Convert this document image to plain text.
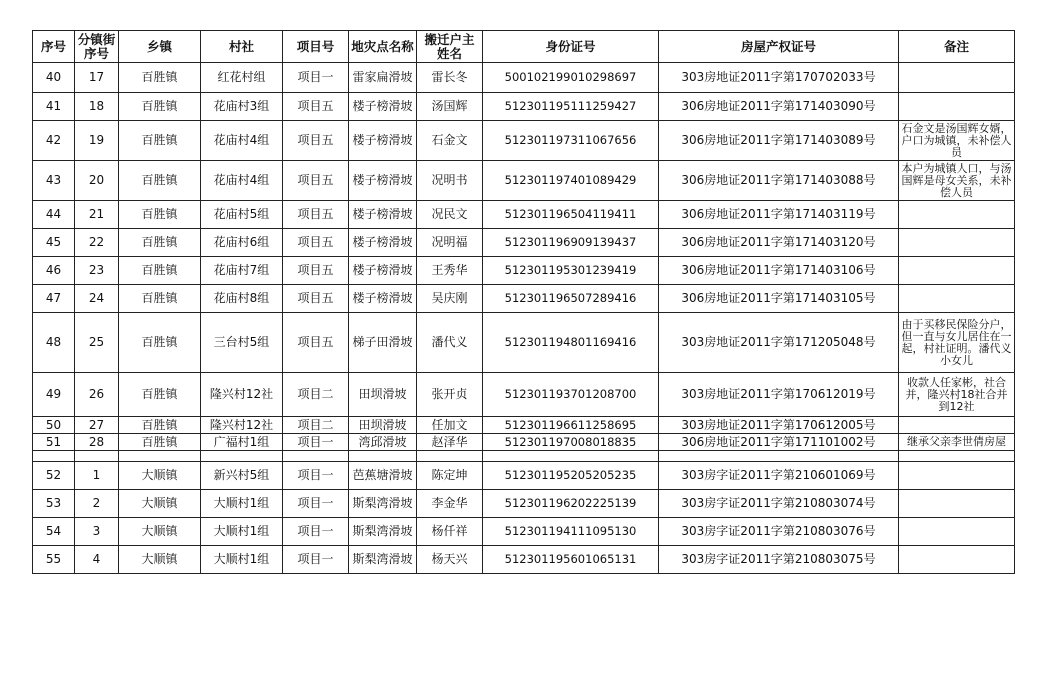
序号	分镇街序号	乡镇	村社	项目号	地灾点名称	搬迁户主姓名	身份证号	房屋产权证号	备注
40	17	百胜镇	红花村组	项目一	雷家扁滑坡	雷长冬	500102199010298697	303房地证2011字第170702033号	
41	18	百胜镇	花庙村3组	项目五	楼子榜滑坡	汤国辉	512301195111259427	306房地证2011字第171403090号	
42	19	百胜镇	花庙村4组	项目五	楼子榜滑坡	石金文	512301197311067656	306房地证2011字第171403089号	石金文是汤国辉女婿，户口为城镇，未补偿人员
43	20	百胜镇	花庙村4组	项目五	楼子榜滑坡	况明书	512301197401089429	306房地证2011字第171403088号	本户为城镇人口，与汤国辉是母女关系，未补偿人员
44	21	百胜镇	花庙村5组	项目五	楼子榜滑坡	况民文	512301196504119411	306房地证2011字第171403119号	
45	22	百胜镇	花庙村6组	项目五	楼子榜滑坡	况明福	512301196909139437	306房地证2011字第171403120号	
46	23	百胜镇	花庙村7组	项目五	楼子榜滑坡	王秀华	512301195301239419	306房地证2011字第171403106号	
47	24	百胜镇	花庙村8组	项目五	楼子榜滑坡	吴庆刚	512301196507289416	306房地证2011字第171403105号	
48	25	百胜镇	三台村5组	项目五	梯子田滑坡	潘代义	512301194801169416	303房地证2011字第171205048号	由于买移民保险分户，但一直与女儿居住在一起，村社证明。潘代义小女儿
49	26	百胜镇	隆兴村12社	项目二	田坝滑坡	张开贞	512301193701208700	303房地证2011字第170612019号	收款人任家彬，社合并，隆兴村18社合并到12社
50	27	百胜镇	隆兴村12社	项目二	田坝滑坡	任加文	512301196611258695	303房地证2011字第170612005号	
51	28	百胜镇	广福村1组	项目一	湾邱滑坡	赵泽华	512301197008018835	306房地证2011字第171101002号	继承父亲李世倩房屋

52	1	大顺镇	新兴村5组	项目一	芭蕉塘滑坡	陈定坤	512301195205205235	303房字证2011字第210601069号	
53	2	大顺镇	大顺村1组	项目一	斯梨湾滑坡	李金华	512301196202225139	303房字证2011字第210803074号	
54	3	大顺镇	大顺村1组	项目一	斯梨湾滑坡	杨仟祥	512301194111095130	303房字证2011字第210803076号	
55	4	大顺镇	大顺村1组	项目一	斯梨湾滑坡	杨天兴	512301195601065131	303房字证2011字第210803075号	
